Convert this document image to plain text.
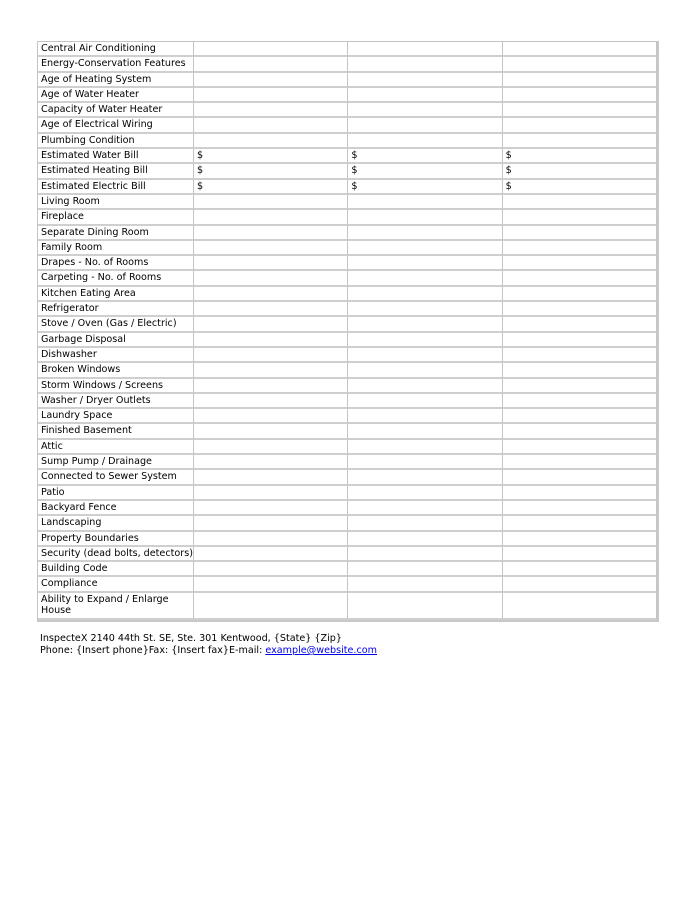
Central Air Conditioning			
Energy-Conservation Features			
Age of Heating System			
Age of Water Heater			
Capacity of Water Heater			
Age of Electrical Wiring			
Plumbing Condition			
Estimated Water Bill	$	$	$
Estimated Heating Bill	$	$	$
Estimated Electric Bill	$	$	$
Living Room			
Fireplace			
Separate Dining Room			
Family Room			
Drapes - No. of Rooms			
Carpeting - No. of Rooms			
Kitchen Eating Area			
Refrigerator			
Stove / Oven (Gas / Electric)			
Garbage Disposal			
Dishwasher			
Broken Windows			
Storm Windows / Screens			
Washer / Dryer Outlets			
Laundry Space			
Finished Basement			
Attic			
Sump Pump / Drainage			
Connected to Sewer System			
Patio			
Backyard Fence			
Landscaping			
Property Boundaries			
Security (dead bolts, detectors)			
Building Code			
Compliance			
Ability to Expand / Enlarge House			
InspecteX 2140 44th St. SE, Ste. 301 Kentwood, {State} {Zip}
Phone: {Insert phone}Fax: {Insert fax}E-mail: example@website.com
